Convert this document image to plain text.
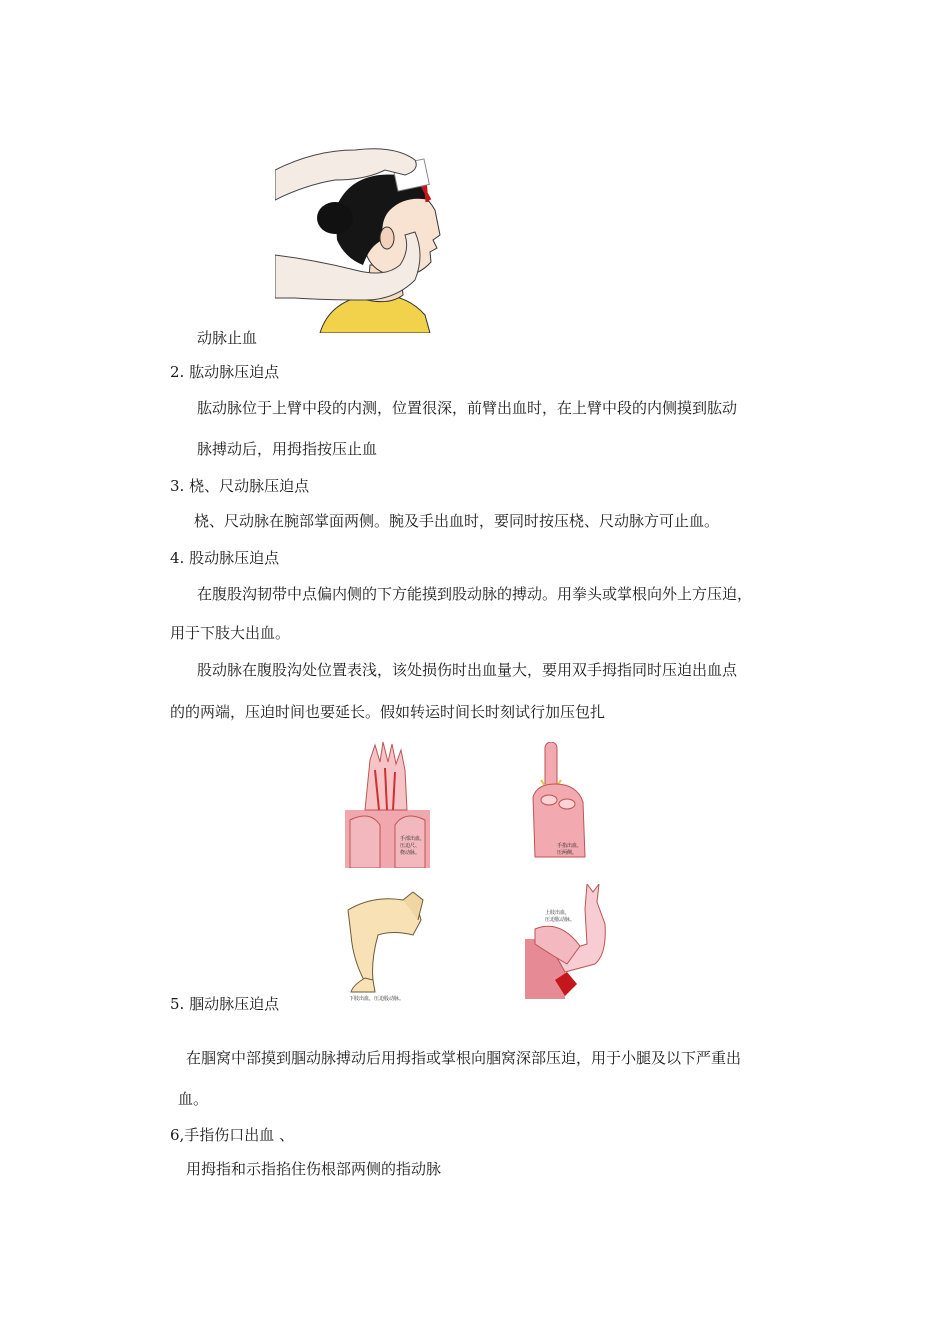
动脉止血
2. 肱动脉压迫点
肱动脉位于上臂中段的内测，位置很深，前臂出血时，在上臂中段的内侧摸到肱动
脉搏动后，用拇指按压止血
3. 桡、尺动脉压迫点
桡、尺动脉在腕部掌面两侧。腕及手出血时，要同时按压桡、尺动脉方可止血。
4. 股动脉压迫点
在腹股沟韧带中点偏内侧的下方能摸到股动脉的搏动。用拳头或掌根向外上方压迫，
用于下肢大出血。
股动脉在腹股沟处位置表浅，该处损伤时出血量大，要用双手拇指同时压迫出血点
的的两端，压迫时间也要延长。假如转运时间长时刻试行加压包扎
手部出血，
压迫尺、
桡动脉。
手指出血，
压两侧。
下肢出血，压迫股动脉。
5. 腘动脉压迫点
上肢出血，
压迫肱动脉。
在腘窝中部摸到腘动脉搏动后用拇指或掌根向腘窝深部压迫，用于小腿及以下严重出
血。
6,手指伤口出血 、
用拇指和示指掐住伤根部两侧的指动脉
